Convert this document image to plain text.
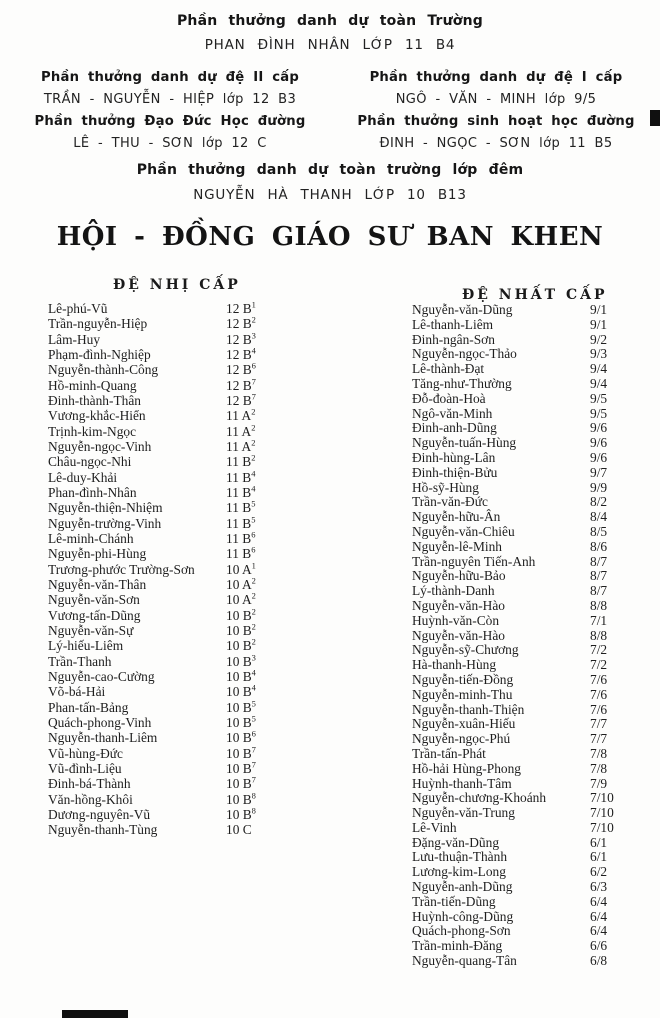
Phần thưởng danh dự toàn Trường
PHAN ĐÌNH NHÂN LỚP 11 B4
Phần thưởng danh dự đệ II cấp	Phần thưởng danh dự đệ I cấp
TRẦN - NGUYỄN - HIỆP lớp 12 B3	NGÔ - VĂN - MINH lớp 9/5
Phần thưởng Đạo Đức Học đường	Phần thưởng sinh hoạt học đường
LÊ - THU - SƠN lớp 12 C	ĐINH - NGỌC - SƠN lớp 11 B5
Phần thưởng danh dự toàn trường lớp đêm
NGUYỄN HÀ THANH LỚP 10 B13
HỘI - ĐỒNG GIÁO SƯ BAN KHEN
ĐỆ NHỊ CẤP
Lê-phú-Vũ	12 $B^1$
Trần-nguyễn-Hiệp	12 $B^2$
Lâm-Huy	12 $B^3$
Phạm-đình-Nghiệp	12 $B^4$
Nguyễn-thành-Công	12 $B^6$
Hồ-minh-Quang	12 $B^7$
Đinh-thành-Thân	12 $B^7$
Vương-khắc-Hiển	11 $A^2$
Trịnh-kim-Ngọc	11 $A^2$
Nguyễn-ngọc-Vinh	11 $A^2$
Châu-ngọc-Nhi	11 $B^2$
Lê-duy-Khải	11 $B^4$
Phan-đình-Nhân	11 $B^4$
Nguyễn-thiện-Nhiệm	11 $B^5$
Nguyễn-trường-Vinh	11 $B^5$
Lê-minh-Chánh	11 $B^6$
Nguyễn-phi-Hùng	11 $B^6$
Trương-phước Trường-Sơn	10 $A^1$
Nguyễn-văn-Thân	10 $A^2$
Nguyễn-văn-Sơn	10 $A^2$
Vương-tấn-Dũng	10 $B^2$
Nguyễn-văn-Sự	10 $B^2$
Lý-hiếu-Liêm	10 $B^2$
Trần-Thanh	10 $B^3$
Nguyễn-cao-Cường	10 $B^4$
Võ-bá-Hải	10 $B^4$
Phan-tấn-Bảng	10 $B^5$
Quách-phong-Vinh	10 $B^5$
Nguyễn-thanh-Liêm	10 $B^6$
Vũ-hùng-Đức	10 $B^7$
Vũ-đình-Liệu	10 $B^7$
Đinh-bá-Thành	10 $B^7$
Văn-hồng-Khôi	10 $B^8$
Dương-nguyên-Vũ	10 $B^8$
Nguyễn-thanh-Tùng	10 C
ĐỆ NHẤT CẤP
Nguyễn-văn-Dũng	9/1
Lê-thanh-Liêm	9/1
Đinh-ngân-Sơn	9/2
Nguyễn-ngọc-Thảo	9/3
Lê-thành-Đạt	9/4
Tăng-như-Thường	9/4
Đỗ-đoàn-Hoà	9/5
Ngô-văn-Minh	9/5
Đinh-anh-Dũng	9/6
Nguyễn-tuấn-Hùng	9/6
Đinh-hùng-Lân	9/6
Đinh-thiện-Bửu	9/7
Hồ-sỹ-Hùng	9/9
Trần-văn-Đức	8/2
Nguyễn-hữu-Ân	8/4
Nguyễn-văn-Chiêu	8/5
Nguyễn-lê-Minh	8/6
Trần-nguyên Tiến-Anh	8/7
Nguyễn-hữu-Bảo	8/7
Lý-thành-Danh	8/7
Nguyễn-văn-Hào	8/8
Huỳnh-văn-Còn	7/1
Nguyễn-văn-Hào	8/8
Nguyễn-sỹ-Chương	7/2
Hà-thanh-Hùng	7/2
Nguyễn-tiến-Đồng	7/6
Nguyễn-minh-Thu	7/6
Nguyễn-thanh-Thiện	7/6
Nguyễn-xuân-Hiếu	7/7
Nguyễn-ngọc-Phú	7/7
Trần-tấn-Phát	7/8
Hồ-hải Hùng-Phong	7/8
Huỳnh-thanh-Tâm	7/9
Nguyễn-chương-Khoánh	7/10
Nguyễn-văn-Trung	7/10
Lê-Vinh	7/10
Đặng-văn-Dũng	6/1
Lưu-thuận-Thành	6/1
Lương-kim-Long	6/2
Nguyễn-anh-Dũng	6/3
Trần-tiến-Dũng	6/4
Huỳnh-công-Dũng	6/4
Quách-phong-Sơn	6/4
Trần-minh-Đăng	6/6
Nguyễn-quang-Tân	6/8
